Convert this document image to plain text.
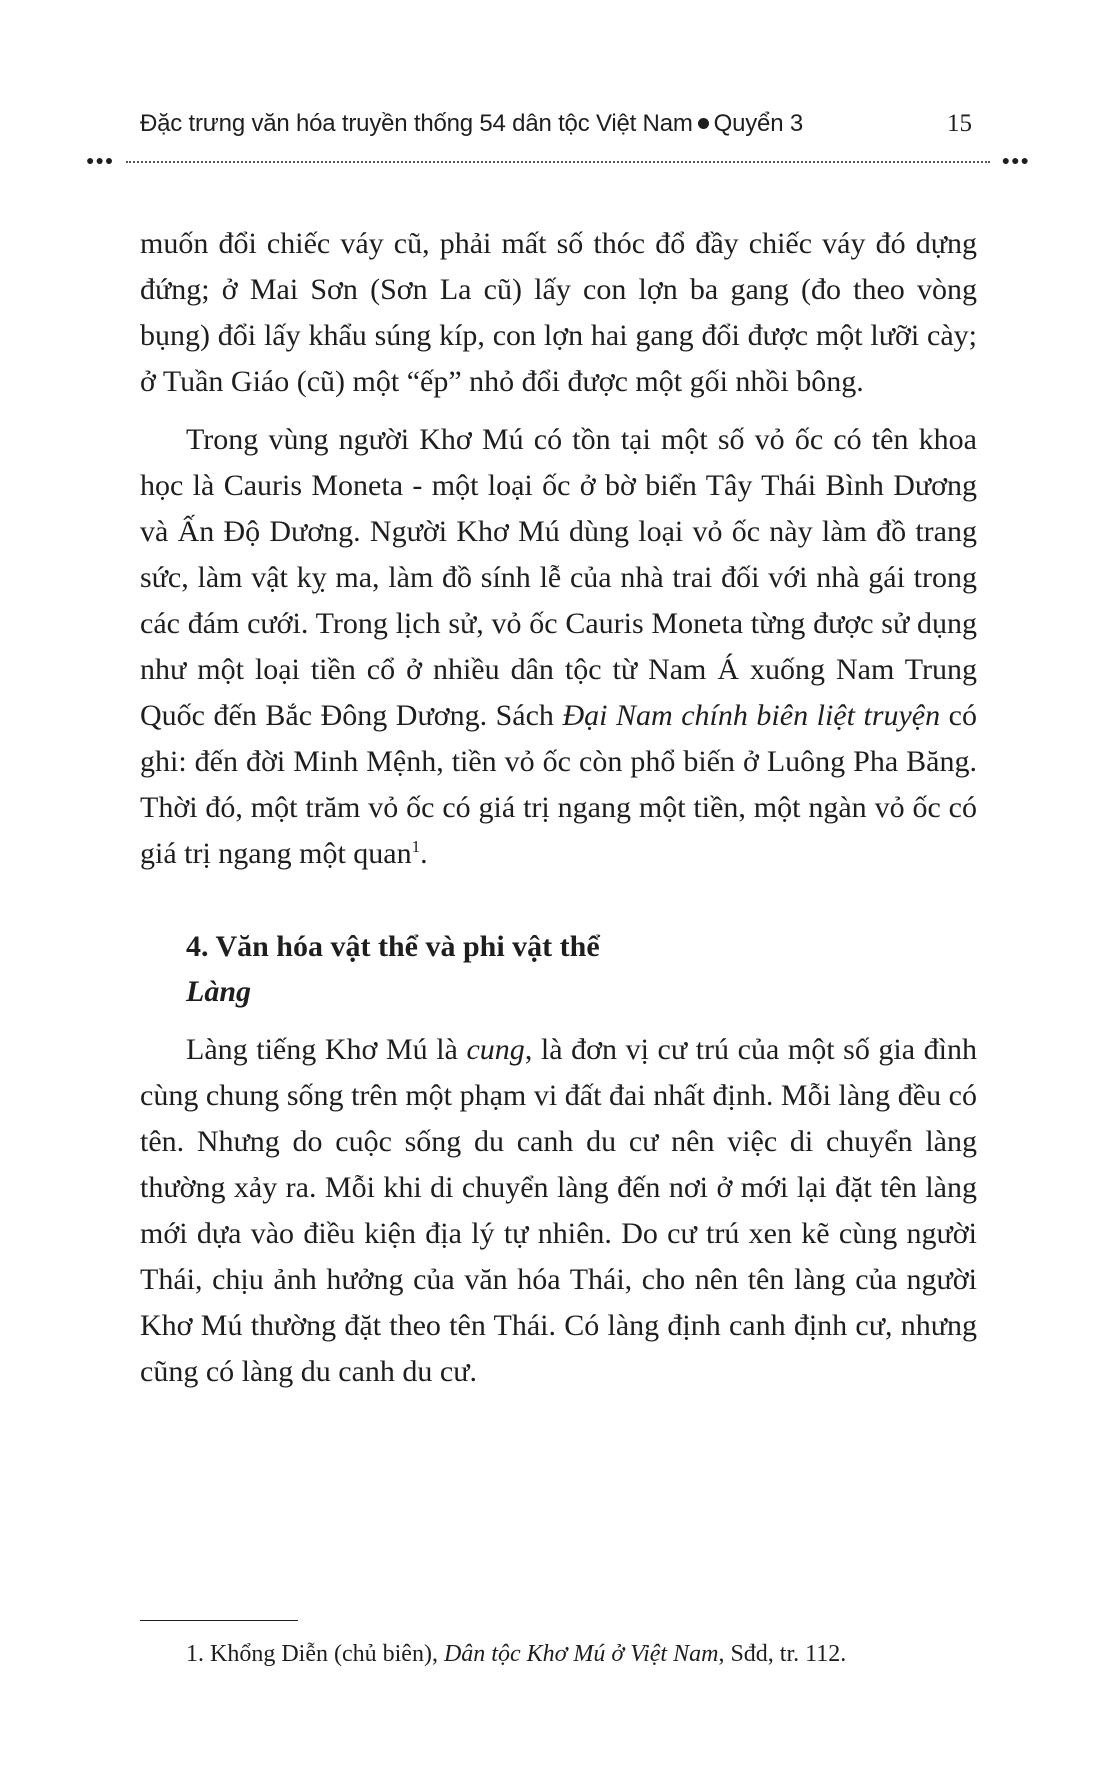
Đặc trưng văn hóa truyền thống 54 dân tộc Việt Nam Quyển 3	15
●●●	●●●

muốn đổi chiếc váy cũ, phải mất số thóc đổ đầy chiếc váy đó dựng đứng; ở Mai Sơn (Sơn La cũ) lấy con lợn ba gang (đo theo vòng bụng) đổi lấy khẩu súng kíp, con lợn hai gang đổi được một lưỡi cày; ở Tuần Giáo (cũ) một “ếp” nhỏ đổi được một gối nhồi bông.

Trong vùng người Khơ Mú có tồn tại một số vỏ ốc có tên khoa học là Cauris Moneta - một loại ốc ở bờ biển Tây Thái Bình Dương và Ấn Độ Dương. Người Khơ Mú dùng loại vỏ ốc này làm đồ trang sức, làm vật kỵ ma, làm đồ sính lễ của nhà trai đối với nhà gái trong các đám cưới. Trong lịch sử, vỏ ốc Cauris Moneta từng được sử dụng như một loại tiền cổ ở nhiều dân tộc từ Nam Á xuống Nam Trung Quốc đến Bắc Đông Dương. Sách Đại Nam chính biên liệt truyện có ghi: đến đời Minh Mệnh, tiền vỏ ốc còn phổ biến ở Luông Pha Băng. Thời đó, một trăm vỏ ốc có giá trị ngang một tiền, một ngàn vỏ ốc có giá trị ngang một quan$^1$.

4. Văn hóa vật thể và phi vật thể
Làng

Làng tiếng Khơ Mú là cung, là đơn vị cư trú của một số gia đình cùng chung sống trên một phạm vi đất đai nhất định. Mỗi làng đều có tên. Nhưng do cuộc sống du canh du cư nên việc di chuyển làng thường xảy ra. Mỗi khi di chuyển làng đến nơi ở mới lại đặt tên làng mới dựa vào điều kiện địa lý tự nhiên. Do cư trú xen kẽ cùng người Thái, chịu ảnh hưởng của văn hóa Thái, cho nên tên làng của người Khơ Mú thường đặt theo tên Thái. Có làng định canh định cư, nhưng cũng có làng du canh du cư.

1. Khổng Diễn (chủ biên), Dân tộc Khơ Mú ở Việt Nam, Sđd, tr. 112.
